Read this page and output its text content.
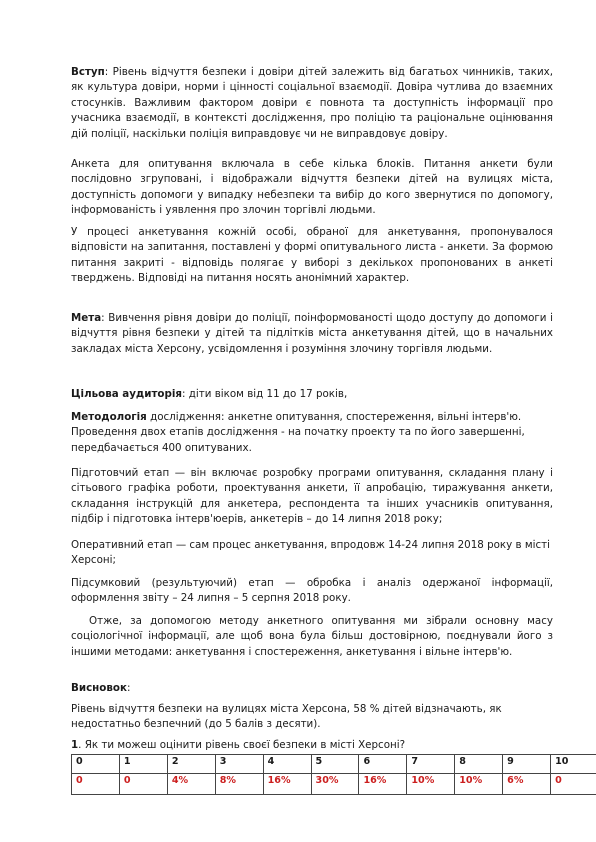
Вступ: Рівень відчуття безпеки і довіри дітей залежить від багатьох чинників, таких, як культура довіри, норми і цінності соціальної взаємодії. Довіра чутлива до взаємних стосунків. Важливим фактором довіри є повнота та доступність інформації про учасника взаємодії, в контексті дослідження, про поліцію та раціональне оцінювання дій поліції, наскільки поліція виправдовує чи не виправдовує довіру.

Анкета для опитування включала в себе кілька блоків. Питання анкети були послідовно згруповані, і відображали відчуття безпеки дітей на вулицях міста, доступність допомоги у випадку небезпеки та вибір до кого звернутися по допомогу, інформованість і уявлення про злочин торгівлі людьми.

У процесі анкетування кожній особі, обраної для анкетування, пропонувалося відповісти на запитання, поставлені у формі опитувального листа - анкети. За формою питання закриті - відповідь полягає у виборі з декількох пропонованих в анкеті тверджень. Відповіді на питання носять анонімний характер.

Мета: Вивчення рівня довіри до поліції, поінформованості щодо доступу до допомоги і відчуття рівня безпеки у дітей та підлітків міста анкетування дітей, що в начальних закладах міста Херсону, усвідомлення і розуміння злочину торгівля людьми.

Цільова аудиторія: діти віком від 11 до 17 років,

Методологія дослідження: анкетне опитування, спостереження, вільні інтерв'ю. Проведення двох етапів дослідження - на початку проекту та по його завершенні, передбачається 400 опитуваних.

Підготовчий етап — він включає розробку програми опитування, складання плану і сітьового графіка роботи, проектування анкети, її апробацію, тиражування анкети, складання інструкцій для анкетера, респондента та інших учасників опитування, підбір і підготовка інтерв'юерів, анкетерів – до 14 липня 2018 року;

Оперативний етап — сам процес анкетування, впродовж 14-24 липня 2018 року в місті Херсоні;

Підсумковий (результуючий) етап — обробка і аналіз одержаної інформації, оформлення звіту – 24 липня – 5 серпня 2018 року.

Отже, за допомогою методу анкетного опитування ми зібрали основну масу соціологічної інформації, але щоб вона була більш достовірною, поєднували його з іншими методами: анкетування і спостереження, анкетування і вільне інтерв'ю.

Висновок:

Рівень відчуття безпеки на вулицях міста Херсона, 58 % дітей відзначають, як недостатньо безпечний (до 5 балів з десяти).

1. Як ти можеш оцінити рівень своєї безпеки в місті Херсоні?

0	1	2	3	4	5	6	7	8	9	10
0	0	4%	8%	16%	30%	16%	10%	10%	6%	0
